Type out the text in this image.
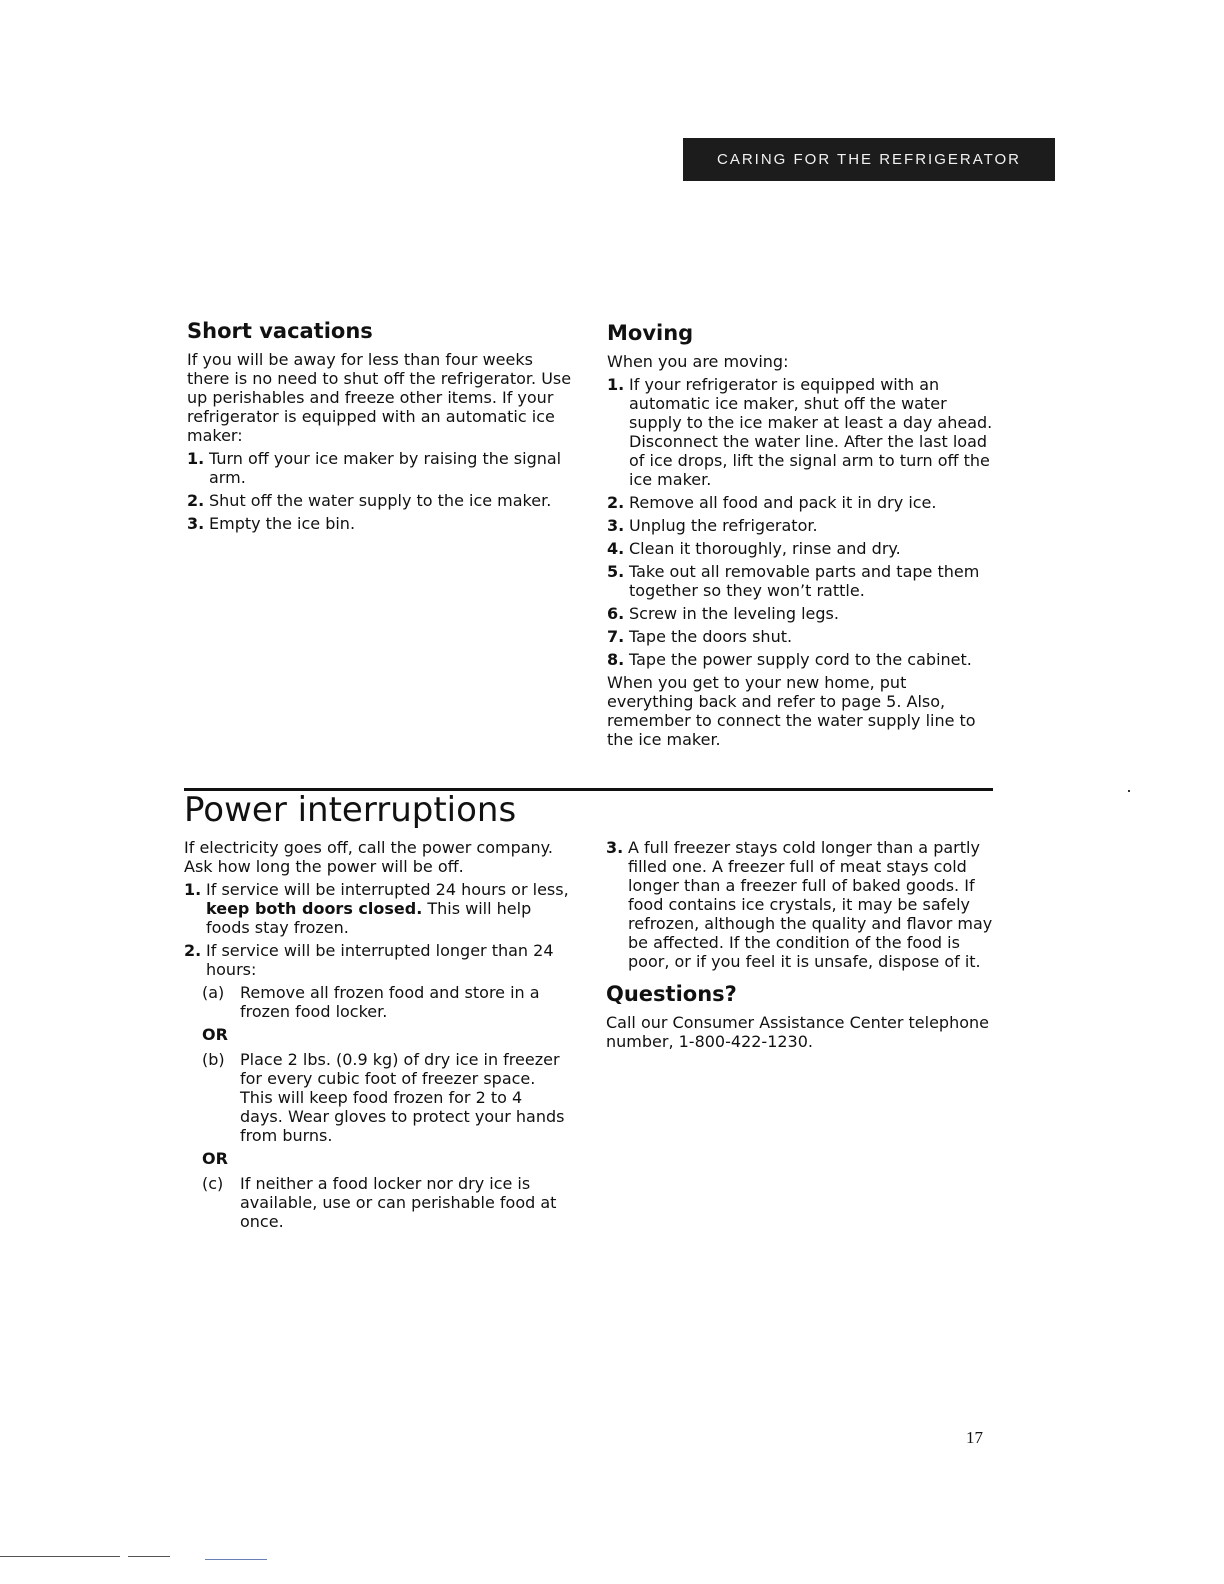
CARING FOR THE REFRIGERATOR
Short vacations

If you will be away for less than four weeks there is no need to shut off the refrigerator. Use up perishables and freeze other items. If your refrigerator is equipped with an automatic ice maker:

1. Turn off your ice maker by raising the signal arm.
2. Shut off the water supply to the ice maker.
3. Empty the ice bin.
Moving

When you are moving:

1. If your refrigerator is equipped with an automatic ice maker, shut off the water supply to the ice maker at least a day ahead. Disconnect the water line. After the last load of ice drops, lift the signal arm to turn off the ice maker.
2. Remove all food and pack it in dry ice.
3. Unplug the refrigerator.
4. Clean it thoroughly, rinse and dry.
5. Take out all removable parts and tape them together so they won’t rattle.
6. Screw in the leveling legs.
7. Tape the doors shut.
8. Tape the power supply cord to the cabinet.

When you get to your new home, put everything back and refer to page 5. Also, remember to connect the water supply line to the ice maker.

Power interruptions

If electricity goes off, call the power company. Ask how long the power will be off.

1. If service will be interrupted 24 hours or less, keep both doors closed. This will help foods stay frozen.
2. If service will be interrupted longer than 24 hours:
(a) Remove all frozen food and store in a frozen food locker.
OR
(b) Place 2 lbs. (0.9 kg) of dry ice in freezer for every cubic foot of freezer space. This will keep food frozen for 2 to 4 days. Wear gloves to protect your hands from burns.
OR
(c)	If neither a food locker nor dry ice is available, use or can perishable food at once.
3. A full freezer stays cold longer than a partly filled one. A freezer full of meat stays cold longer than a freezer full of baked goods. If food contains ice crystals, it may be safely refrozen, although the quality and flavor may be affected. If the condition of the food is poor, or if you feel it is unsafe, dispose of it.
Questions?

Call our Consumer Assistance Center telephone number, 1-800-422-1230.

17
